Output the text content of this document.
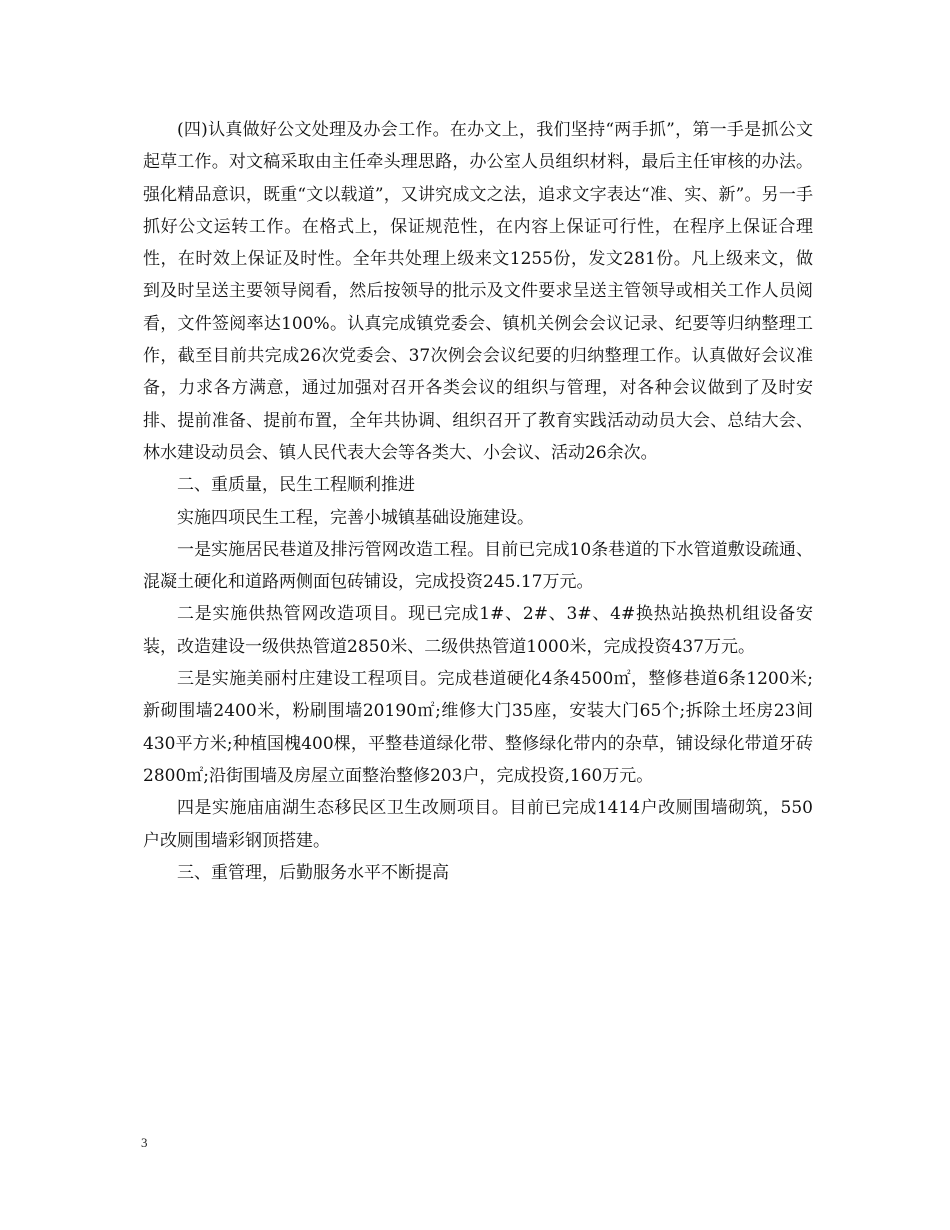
(四)认真做好公文处理及办会工作。在办文上，我们坚持“两手抓”，第一手是抓公文起草工作。对文稿采取由主任牵头理思路，办公室人员组织材料，最后主任审核的办法。强化精品意识，既重“文以载道”，又讲究成文之法，追求文字表达“准、实、新”。另一手抓好公文运转工作。在格式上，保证规范性，在内容上保证可行性，在程序上保证合理性，在时效上保证及时性。全年共处理上级来文1255份，发文281份。凡上级来文，做到及时呈送主要领导阅看，然后按领导的批示及文件要求呈送主管领导或相关工作人员阅看，文件签阅率达100%。认真完成镇党委会、镇机关例会会议记录、纪要等归纳整理工作，截至目前共完成26次党委会、37次例会会议纪要的归纳整理工作。认真做好会议准备，力求各方满意，通过加强对召开各类会议的组织与管理，对各种会议做到了及时安排、提前准备、提前布置，全年共协调、组织召开了教育实践活动动员大会、总结大会、林水建设动员会、镇人民代表大会等各类大、小会议、活动26余次。

二、重质量，民生工程顺利推进

实施四项民生工程，完善小城镇基础设施建设。

一是实施居民巷道及排污管网改造工程。目前已完成10条巷道的下水管道敷设疏通、混凝土硬化和道路两侧面包砖铺设，完成投资245.17万元。

二是实施供热管网改造项目。现已完成1#、2#、3#、4#换热站换热机组设备安装，改造建设一级供热管道2850米、二级供热管道1000米，完成投资437万元。

三是实施美丽村庄建设工程项目。完成巷道硬化4条4500㎡，整修巷道6条1200米;新砌围墙2400米，粉刷围墙20190㎡;维修大门35座，安装大门65个;拆除土坯房23间430平方米;种植国槐400棵，平整巷道绿化带、整修绿化带内的杂草，铺设绿化带道牙砖2800㎡;沿街围墙及房屋立面整治整修203户，完成投资,160万元。

四是实施庙庙湖生态移民区卫生改厕项目。目前已完成1414户改厕围墙砌筑，550户改厕围墙彩钢顶搭建。

三、重管理，后勤服务水平不断提高

3
